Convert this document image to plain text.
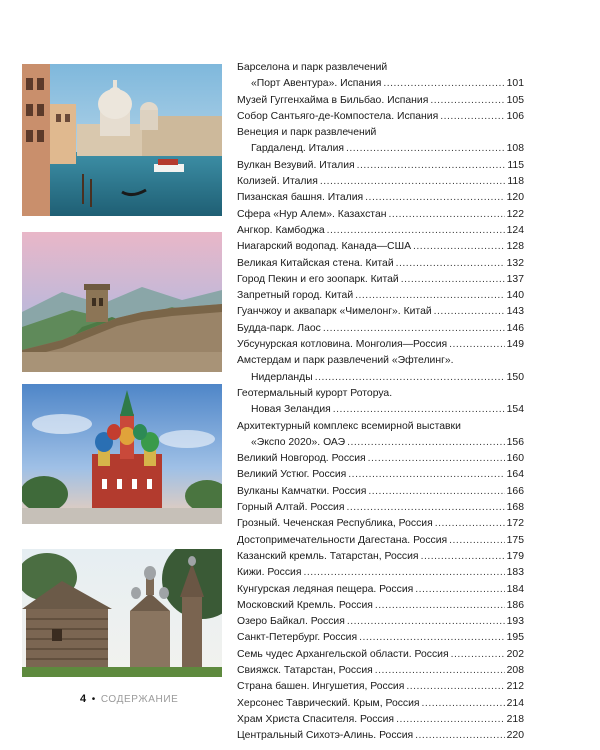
Барселона и парк развлечений
«Порт Авентура». Испания .....	101
Музей Гуггенхайма в Бильбао. Испания .....	105
Собор Сантьяго-де-Компостела. Испания .....	106
Венеция и парк развлечений
Гардаленд. Италия .....	108
Вулкан Везувий. Италия .....	115
Колизей. Италия .....	118
Пизанская башня. Италия .....	120
Сфера «Нур Алем». Казахстан .....	122
Ангкор. Камбоджа .....	124
Ниагарский водопад. Канада—США .....	128
Великая Китайская стена. Китай .....	132
Город Пекин и его зоопарк. Китай .....	137
Запретный город. Китай .....	140
Гуанчжоу и аквапарк «Чимелонг». Китай .....	143
Будда-парк. Лаос .....	146
Убсунурская котловина. Монголия—Россия .....	149
Амстердам и парк развлечений «Эфтелинг».
Нидерланды .....	150
Геотермальный курорт Роторуа.
Новая Зеландия .....	154
Архитектурный комплекс всемирной выставки
«Экспо 2020». ОАЭ .....	156
Великий Новгород. Россия .....	160
Великий Устюг. Россия .....	164
Вулканы Камчатки. Россия .....	166
Горный Алтай. Россия .....	168
Грозный. Чеченская Республика, Россия .....	172
Достопримечательности Дагестана. Россия .....	175
Казанский кремль. Татарстан, Россия .....	179
Кижи. Россия .....	183
Кунгурская ледяная пещера. Россия .....	184
Московский Кремль. Россия .....	186
Озеро Байкал. Россия .....	193
Санкт-Петербург. Россия .....	195
Семь чудес Архангельской области. Россия .....	202
Свияжск. Татарстан, Россия .....	208
Страна башен. Ингушетия, Россия .....	212
Херсонес Таврический. Крым, Россия .....	214
Храм Христа Спасителя. Россия .....	218
Центральный Сихотэ-Алинь. Россия .....	220
4 • СОДЕРЖАНИЕ
